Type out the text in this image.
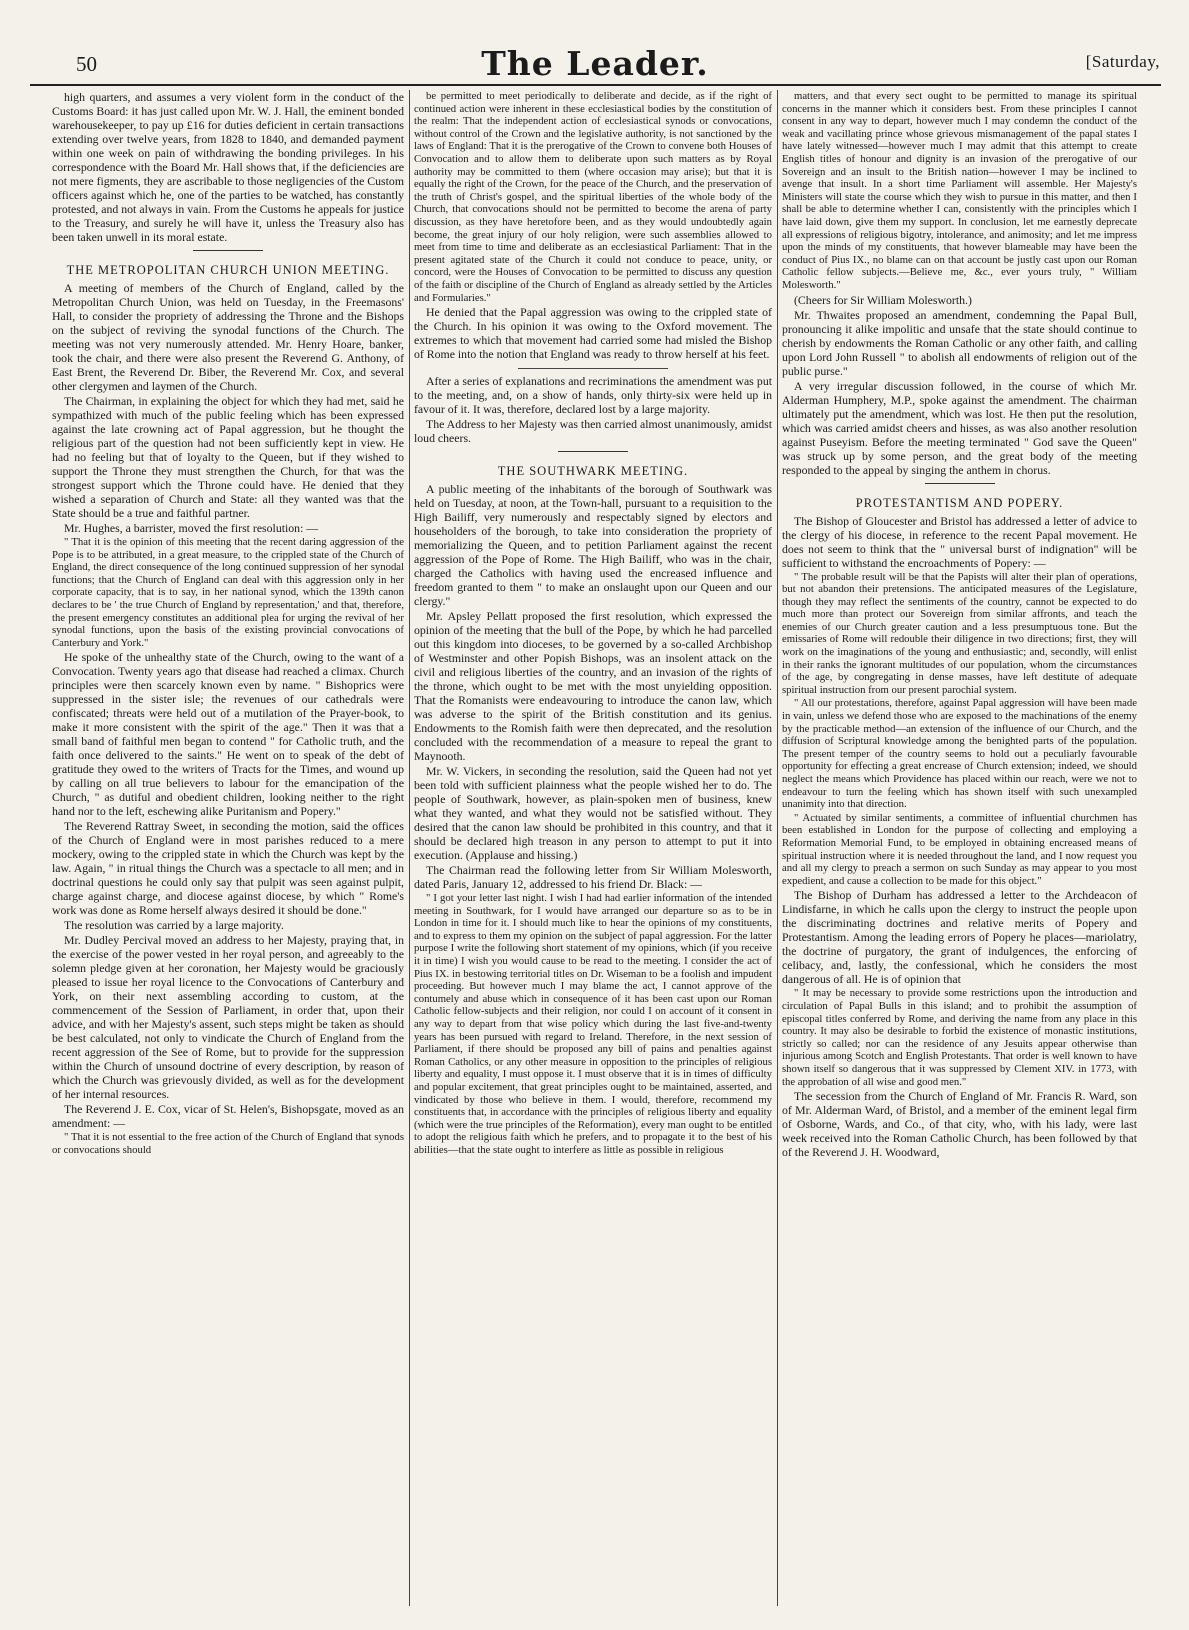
50	The Leader.	[Saturday,

high quarters, and assumes a very violent form in the conduct of the Customs Board: it has just called upon Mr. W. J. Hall, the eminent bonded warehousekeeper, to pay up £16 for duties deficient in certain transactions extending over twelve years, from 1828 to 1840, and demanded payment within one week on pain of withdrawing the bonding privileges. In his correspondence with the Board Mr. Hall shows that, if the deficiencies are not mere figments, they are ascribable to those negligencies of the Custom officers against which he, one of the parties to be watched, has constantly protested, and not always in vain. From the Customs he appeals for justice to the Treasury, and surely he will have it, unless the Treasury also has been taken unwell in its moral estate.

THE METROPOLITAN CHURCH UNION MEETING.

A meeting of members of the Church of England, called by the Metropolitan Church Union, was held on Tuesday, in the Freemasons' Hall, to consider the propriety of addressing the Throne and the Bishops on the subject of reviving the synodal functions of the Church. The meeting was not very numerously attended. Mr. Henry Hoare, banker, took the chair, and there were also present the Reverend G. Anthony, of East Brent, the Reverend Dr. Biber, the Reverend Mr. Cox, and several other clergymen and laymen of the Church.

The Chairman, in explaining the object for which they had met, said he sympathized with much of the public feeling which has been expressed against the late crowning act of Papal aggression, but he thought the religious part of the question had not been sufficiently kept in view. He had no feeling but that of loyalty to the Queen, but if they wished to support the Throne they must strengthen the Church, for that was the strongest support which the Throne could have. He denied that they wished a separation of Church and State: all they wanted was that the State should be a true and faithful partner.

Mr. Hughes, a barrister, moved the first resolution: —

" That it is the opinion of this meeting that the recent daring aggression of the Pope is to be attributed, in a great measure, to the crippled state of the Church of England, the direct consequence of the long continued suppression of her synodal functions; that the Church of England can deal with this aggression only in her corporate capacity, that is to say, in her national synod, which the 139th canon declares to be ' the true Church of England by representation,' and that, therefore, the present emergency constitutes an additional plea for urging the revival of her synodal functions, upon the basis of the existing provincial convocations of Canterbury and York."

He spoke of the unhealthy state of the Church, owing to the want of a Convocation. Twenty years ago that disease had reached a climax. Church principles were then scarcely known even by name. " Bishoprics were suppressed in the sister isle; the revenues of our cathedrals were confiscated; threats were held out of a mutilation of the Prayer-book, to make it more consistent with the spirit of the age." Then it was that a small band of faithful men began to contend " for Catholic truth, and the faith once delivered to the saints." He went on to speak of the debt of gratitude they owed to the writers of Tracts for the Times, and wound up by calling on all true believers to labour for the emancipation of the Church, " as dutiful and obedient children, looking neither to the right hand nor to the left, eschewing alike Puritanism and Popery."

The Reverend Rattray Sweet, in seconding the motion, said the offices of the Church of England were in most parishes reduced to a mere mockery, owing to the crippled state in which the Church was kept by the law. Again, " in ritual things the Church was a spectacle to all men; and in doctrinal questions he could only say that pulpit was seen against pulpit, charge against charge, and diocese against diocese, by which " Rome's work was done as Rome herself always desired it should be done."

The resolution was carried by a large majority.

Mr. Dudley Percival moved an address to her Majesty, praying that, in the exercise of the power vested in her royal person, and agreeably to the solemn pledge given at her coronation, her Majesty would be graciously pleased to issue her royal licence to the Convocations of Canterbury and York, on their next assembling according to custom, at the commencement of the Session of Parliament, in order that, upon their advice, and with her Majesty's assent, such steps might be taken as should be best calculated, not only to vindicate the Church of England from the recent aggression of the See of Rome, but to provide for the suppression within the Church of unsound doctrine of every description, by reason of which the Church was grievously divided, as well as for the development of her internal resources.

The Reverend J. E. Cox, vicar of St. Helen's, Bishopsgate, moved as an amendment: —

" That it is not essential to the free action of the Church of England that synods or convocations should

be permitted to meet periodically to deliberate and decide, as if the right of continued action were inherent in these ecclesiastical bodies by the constitution of the realm: That the independent action of ecclesiastical synods or convocations, without control of the Crown and the legislative authority, is not sanctioned by the laws of England: That it is the prerogative of the Crown to convene both Houses of Convocation and to allow them to deliberate upon such matters as by Royal authority may be committed to them (where occasion may arise); but that it is equally the right of the Crown, for the peace of the Church, and the preservation of the truth of Christ's gospel, and the spiritual liberties of the whole body of the Church, that convocations should not be permitted to become the arena of party discussion, as they have heretofore been, and as they would undoubtedly again become, the great injury of our holy religion, were such assemblies allowed to meet from time to time and deliberate as an ecclesiastical Parliament: That in the present agitated state of the Church it could not conduce to peace, unity, or concord, were the Houses of Convocation to be permitted to discuss any question of the faith or discipline of the Church of England as already settled by the Articles and Formularies."

He denied that the Papal aggression was owing to the crippled state of the Church. In his opinion it was owing to the Oxford movement. The extremes to which that movement had carried some had misled the Bishop of Rome into the notion that England was ready to throw herself at his feet.

After a series of explanations and recriminations the amendment was put to the meeting, and, on a show of hands, only thirty-six were held up in favour of it. It was, therefore, declared lost by a large majority.

The Address to her Majesty was then carried almost unanimously, amidst loud cheers.

THE SOUTHWARK MEETING.

A public meeting of the inhabitants of the borough of Southwark was held on Tuesday, at noon, at the Town-hall, pursuant to a requisition to the High Bailiff, very numerously and respectably signed by electors and householders of the borough, to take into consideration the propriety of memorializing the Queen, and to petition Parliament against the recent aggression of the Pope of Rome. The High Bailiff, who was in the chair, charged the Catholics with having used the encreased influence and freedom granted to them " to make an onslaught upon our Queen and our clergy."

Mr. Apsley Pellatt proposed the first resolution, which expressed the opinion of the meeting that the bull of the Pope, by which he had parcelled out this kingdom into dioceses, to be governed by a so-called Archbishop of Westminster and other Popish Bishops, was an insolent attack on the civil and religious liberties of the country, and an invasion of the rights of the throne, which ought to be met with the most unyielding opposition. That the Romanists were endeavouring to introduce the canon law, which was adverse to the spirit of the British constitution and its genius. Endowments to the Romish faith were then deprecated, and the resolution concluded with the recommendation of a measure to repeal the grant to Maynooth.

Mr. W. Vickers, in seconding the resolution, said the Queen had not yet been told with sufficient plainness what the people wished her to do. The people of Southwark, however, as plain-spoken men of business, knew what they wanted, and what they would not be satisfied without. They desired that the canon law should be prohibited in this country, and that it should be declared high treason in any person to attempt to put it into execution. (Applause and hissing.)

The Chairman read the following letter from Sir William Molesworth, dated Paris, January 12, addressed to his friend Dr. Black: —

" I got your letter last night. I wish I had had earlier information of the intended meeting in Southwark, for I would have arranged our departure so as to be in London in time for it. I should much like to hear the opinions of my constituents, and to express to them my opinion on the subject of papal aggression. For the latter purpose I write the following short statement of my opinions, which (if you receive it in time) I wish you would cause to be read to the meeting. I consider the act of Pius IX. in bestowing territorial titles on Dr. Wiseman to be a foolish and impudent proceeding. But however much I may blame the act, I cannot approve of the contumely and abuse which in consequence of it has been cast upon our Roman Catholic fellow-subjects and their religion, nor could I on account of it consent in any way to depart from that wise policy which during the last five-and-twenty years has been pursued with regard to Ireland. Therefore, in the next session of Parliament, if there should be proposed any bill of pains and penalties against Roman Catholics, or any other measure in opposition to the principles of religious liberty and equality, I must oppose it. I must observe that it is in times of difficulty and popular excitement, that great principles ought to be maintained, asserted, and vindicated by those who believe in them. I would, therefore, recommend my constituents that, in accordance with the principles of religious liberty and equality (which were the true principles of the Reformation), every man ought to be entitled to adopt the religious faith which he prefers, and to propagate it to the best of his abilities—that the state ought to interfere as little as possible in religious

matters, and that every sect ought to be permitted to manage its spiritual concerns in the manner which it considers best. From these principles I cannot consent in any way to depart, however much I may condemn the conduct of the weak and vacillating prince whose grievous mismanagement of the papal states I have lately witnessed—however much I may admit that this attempt to create English titles of honour and dignity is an invasion of the prerogative of our Sovereign and an insult to the British nation—however I may be inclined to avenge that insult. In a short time Parliament will assemble. Her Majesty's Ministers will state the course which they wish to pursue in this matter, and then I shall be able to determine whether I can, consistently with the principles which I have laid down, give them my support. In conclusion, let me earnestly deprecate all expressions of religious bigotry, intolerance, and animosity; and let me impress upon the minds of my constituents, that however blameable may have been the conduct of Pius IX., no blame can on that account be justly cast upon our Roman Catholic fellow subjects.—Believe me, &c., ever yours truly, " William Molesworth."

(Cheers for Sir William Molesworth.)

Mr. Thwaites proposed an amendment, condemning the Papal Bull, pronouncing it alike impolitic and unsafe that the state should continue to cherish by endowments the Roman Catholic or any other faith, and calling upon Lord John Russell " to abolish all endowments of religion out of the public purse."

A very irregular discussion followed, in the course of which Mr. Alderman Humphery, M.P., spoke against the amendment. The chairman ultimately put the amendment, which was lost. He then put the resolution, which was carried amidst cheers and hisses, as was also another resolution against Puseyism. Before the meeting terminated " God save the Queen" was struck up by some person, and the great body of the meeting responded to the appeal by singing the anthem in chorus.

PROTESTANTISM AND POPERY.

The Bishop of Gloucester and Bristol has addressed a letter of advice to the clergy of his diocese, in reference to the recent Papal movement. He does not seem to think that the " universal burst of indignation" will be sufficient to withstand the encroachments of Popery: —

" The probable result will be that the Papists will alter their plan of operations, but not abandon their pretensions. The anticipated measures of the Legislature, though they may reflect the sentiments of the country, cannot be expected to do much more than protect our Sovereign from similar affronts, and teach the enemies of our Church greater caution and a less presumptuous tone. But the emissaries of Rome will redouble their diligence in two directions; first, they will work on the imaginations of the young and enthusiastic; and, secondly, will enlist in their ranks the ignorant multitudes of our population, whom the circumstances of the age, by congregating in dense masses, have left destitute of adequate spiritual instruction from our present parochial system.

" All our protestations, therefore, against Papal aggression will have been made in vain, unless we defend those who are exposed to the machinations of the enemy by the practicable method—an extension of the influence of our Church, and the diffusion of Scriptural knowledge among the benighted parts of the population. The present temper of the country seems to hold out a peculiarly favourable opportunity for effecting a great encrease of Church extension; indeed, we should neglect the means which Providence has placed within our reach, were we not to endeavour to turn the feeling which has shown itself with such unexampled unanimity into that direction.

" Actuated by similar sentiments, a committee of influential churchmen has been established in London for the purpose of collecting and employing a Reformation Memorial Fund, to be employed in obtaining encreased means of spiritual instruction where it is needed throughout the land, and I now request you and all my clergy to preach a sermon on such Sunday as may appear to you most expedient, and cause a collection to be made for this object."

The Bishop of Durham has addressed a letter to the Archdeacon of Lindisfarne, in which he calls upon the clergy to instruct the people upon the discriminating doctrines and relative merits of Popery and Protestantism. Among the leading errors of Popery he places—mariolatry, the doctrine of purgatory, the grant of indulgences, the enforcing of celibacy, and, lastly, the confessional, which he considers the most dangerous of all. He is of opinion that

" It may be necessary to provide some restrictions upon the introduction and circulation of Papal Bulls in this island; and to prohibit the assumption of episcopal titles conferred by Rome, and deriving the name from any place in this country. It may also be desirable to forbid the existence of monastic institutions, strictly so called; nor can the residence of any Jesuits appear otherwise than injurious among Scotch and English Protestants. That order is well known to have shown itself so dangerous that it was suppressed by Clement XIV. in 1773, with the approbation of all wise and good men."

The secession from the Church of England of Mr. Francis R. Ward, son of Mr. Alderman Ward, of Bristol, and a member of the eminent legal firm of Osborne, Wards, and Co., of that city, who, with his lady, were last week received into the Roman Catholic Church, has been followed by that of the Reverend J. H. Woodward,
